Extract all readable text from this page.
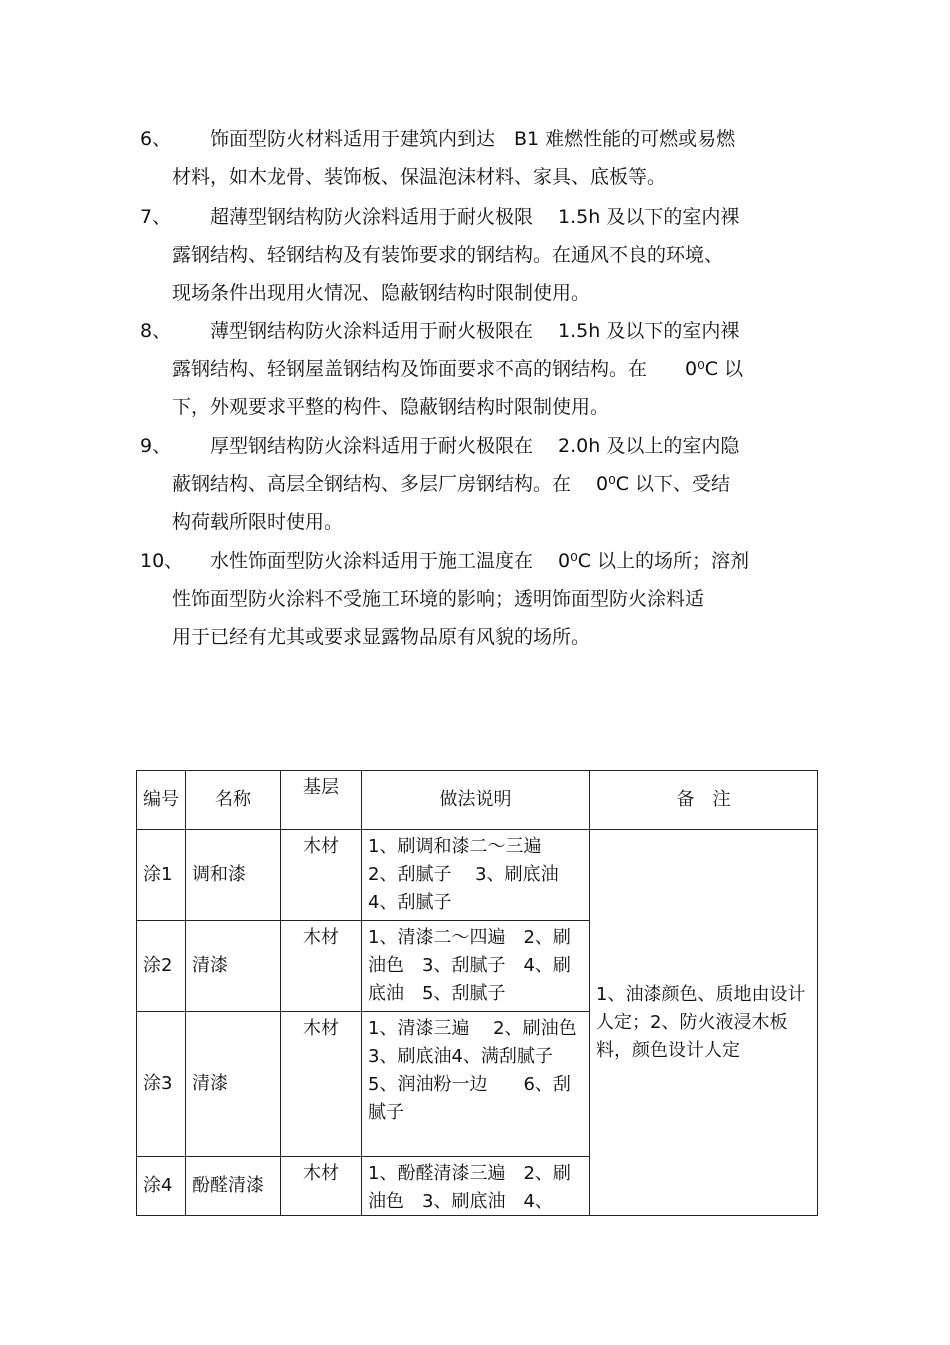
6、 饰面型防火材料适用于建筑内到达　B1 难燃性能的可燃或易燃
材料，如木龙骨、装饰板、保温泡沫材料、家具、底板等。
7、 超薄型钢结构防火涂料适用于耐火极限　 1.5h 及以下的室内裸
露钢结构、轻钢结构及有装饰要求的钢结构。在通风不良的环境、
现场条件出现用火情况、隐蔽钢结构时限制使用。
8、 薄型钢结构防火涂料适用于耐火极限在　 1.5h 及以下的室内裸
露钢结构、轻钢屋盖钢结构及饰面要求不高的钢结构。在　　0⁰C 以
下，外观要求平整的构件、隐蔽钢结构时限制使用。
9、 厚型钢结构防火涂料适用于耐火极限在　 2.0h 及以上的室内隐
蔽钢结构、高层全钢结构、多层厂房钢结构。在　 0⁰C 以下、受结
构荷载所限时使用。
10、 水性饰面型防火涂料适用于施工温度在　 0⁰C 以上的场所；溶剂
性饰面型防火涂料不受施工环境的影响；透明饰面型防火涂料适
用于已经有尤其或要求显露物品原有风貌的场所。
编号	名称	基层	做法说明	备　注
涂1	调和漆	木材	1、刷调和漆二～三遍　2、刮腻子　 3、刷底油　4、刮腻子	1、油漆颜色、质地由设计人定；2、防火液浸木板料，颜色设计人定
涂2	清漆	木材	1、清漆二～四遍　2、刷油色　3、刮腻子　4、刷底油　5、刮腻子	
涂3	清漆	木材	1、清漆三遍　 2、刷油色　 3、刷底油4、满刮腻子　　 5、润油粉一边　　6、刮腻子	

涂4	酚醛清漆	木材	1、酚醛清漆三遍　2、刷油色　3、刷底油　4、	
